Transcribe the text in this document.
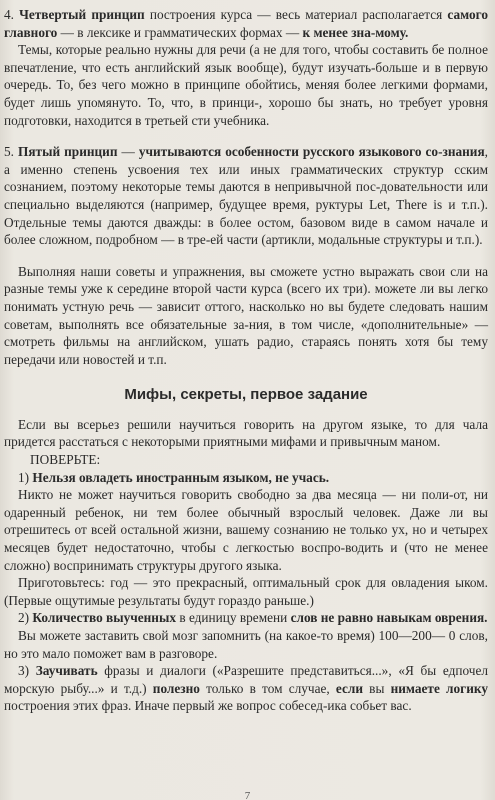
4. Четвертый принцип построения курса — весь материал располагается самого главного — в лексике и грамматических формах — к менее зна-мому.

Темы, которые реально нужны для речи (а не для того, чтобы составить бе полное впечатление, что есть английский язык вообще), будут изучать-больше и в первую очередь. То, без чего можно в принципе обойтись, меняя более легкими формами, будет лишь упомянуто. То, что, в принци-, хорошо бы знать, но требует уровня подготовки, находится в третьей сти учебника.

5. Пятый принцип — учитываются особенности русского языкового со-знания, а именно степень усвоения тех или иных грамматических структур сским сознанием, поэтому некоторые темы даются в непривычной пос-довательности или специально выделяются (например, будущее время, руктуры Let, There is и т.п.). Отдельные темы даются дважды: в более остом, базовом виде в самом начале и более сложном, подробном — в тре-ей части (артикли, модальные структуры и т.п.).

Выполняя наши советы и упражнения, вы сможете устно выражать свои сли на разные темы уже к середине второй части курса (всего их три). можете ли вы легко понимать устную речь — зависит оттого, насколько но вы будете следовать нашим советам, выполнять все обязательные за-ния, в том числе, «дополнительные» — смотреть фильмы на английском, ушать радио, стараясь понять хотя бы тему передачи или новостей и т.п.

Мифы, секреты, первое задание

Если вы всерьез решили научиться говорить на другом языке, то для чала придется расстаться с некоторыми приятными мифами и привычным маном.

ПОВЕРЬТЕ:

1) Нельзя овладеть иностранным языком, не учась.

Никто не может научиться говорить свободно за два месяца — ни поли-от, ни одаренный ребенок, ни тем более обычный взрослый человек. Даже ли вы отрешитесь от всей остальной жизни, вашему сознанию не только ух, но и четырех месяцев будет недостаточно, чтобы с легкостью воспро-водить и (что не менее сложно) воспринимать структуры другого языка.

Приготовьтесь: год — это прекрасный, оптимальный срок для овладения ыком. (Первые ощутимые результаты будут гораздо раньше.)

2) Количество выученных в единицу времени слов не равно навыкам оврения.

Вы можете заставить свой мозг запомнить (на какое-то время) 100—200— 0 слов, но это мало поможет вам в разговоре.

3) Заучивать фразы и диалоги («Разрешите представиться...», «Я бы едпочел морскую рыбу...» и т.д.) полезно только в том случае, если вы нимаете логику построения этих фраз. Иначе первый же вопрос собесед-ика собьет вас.

7
